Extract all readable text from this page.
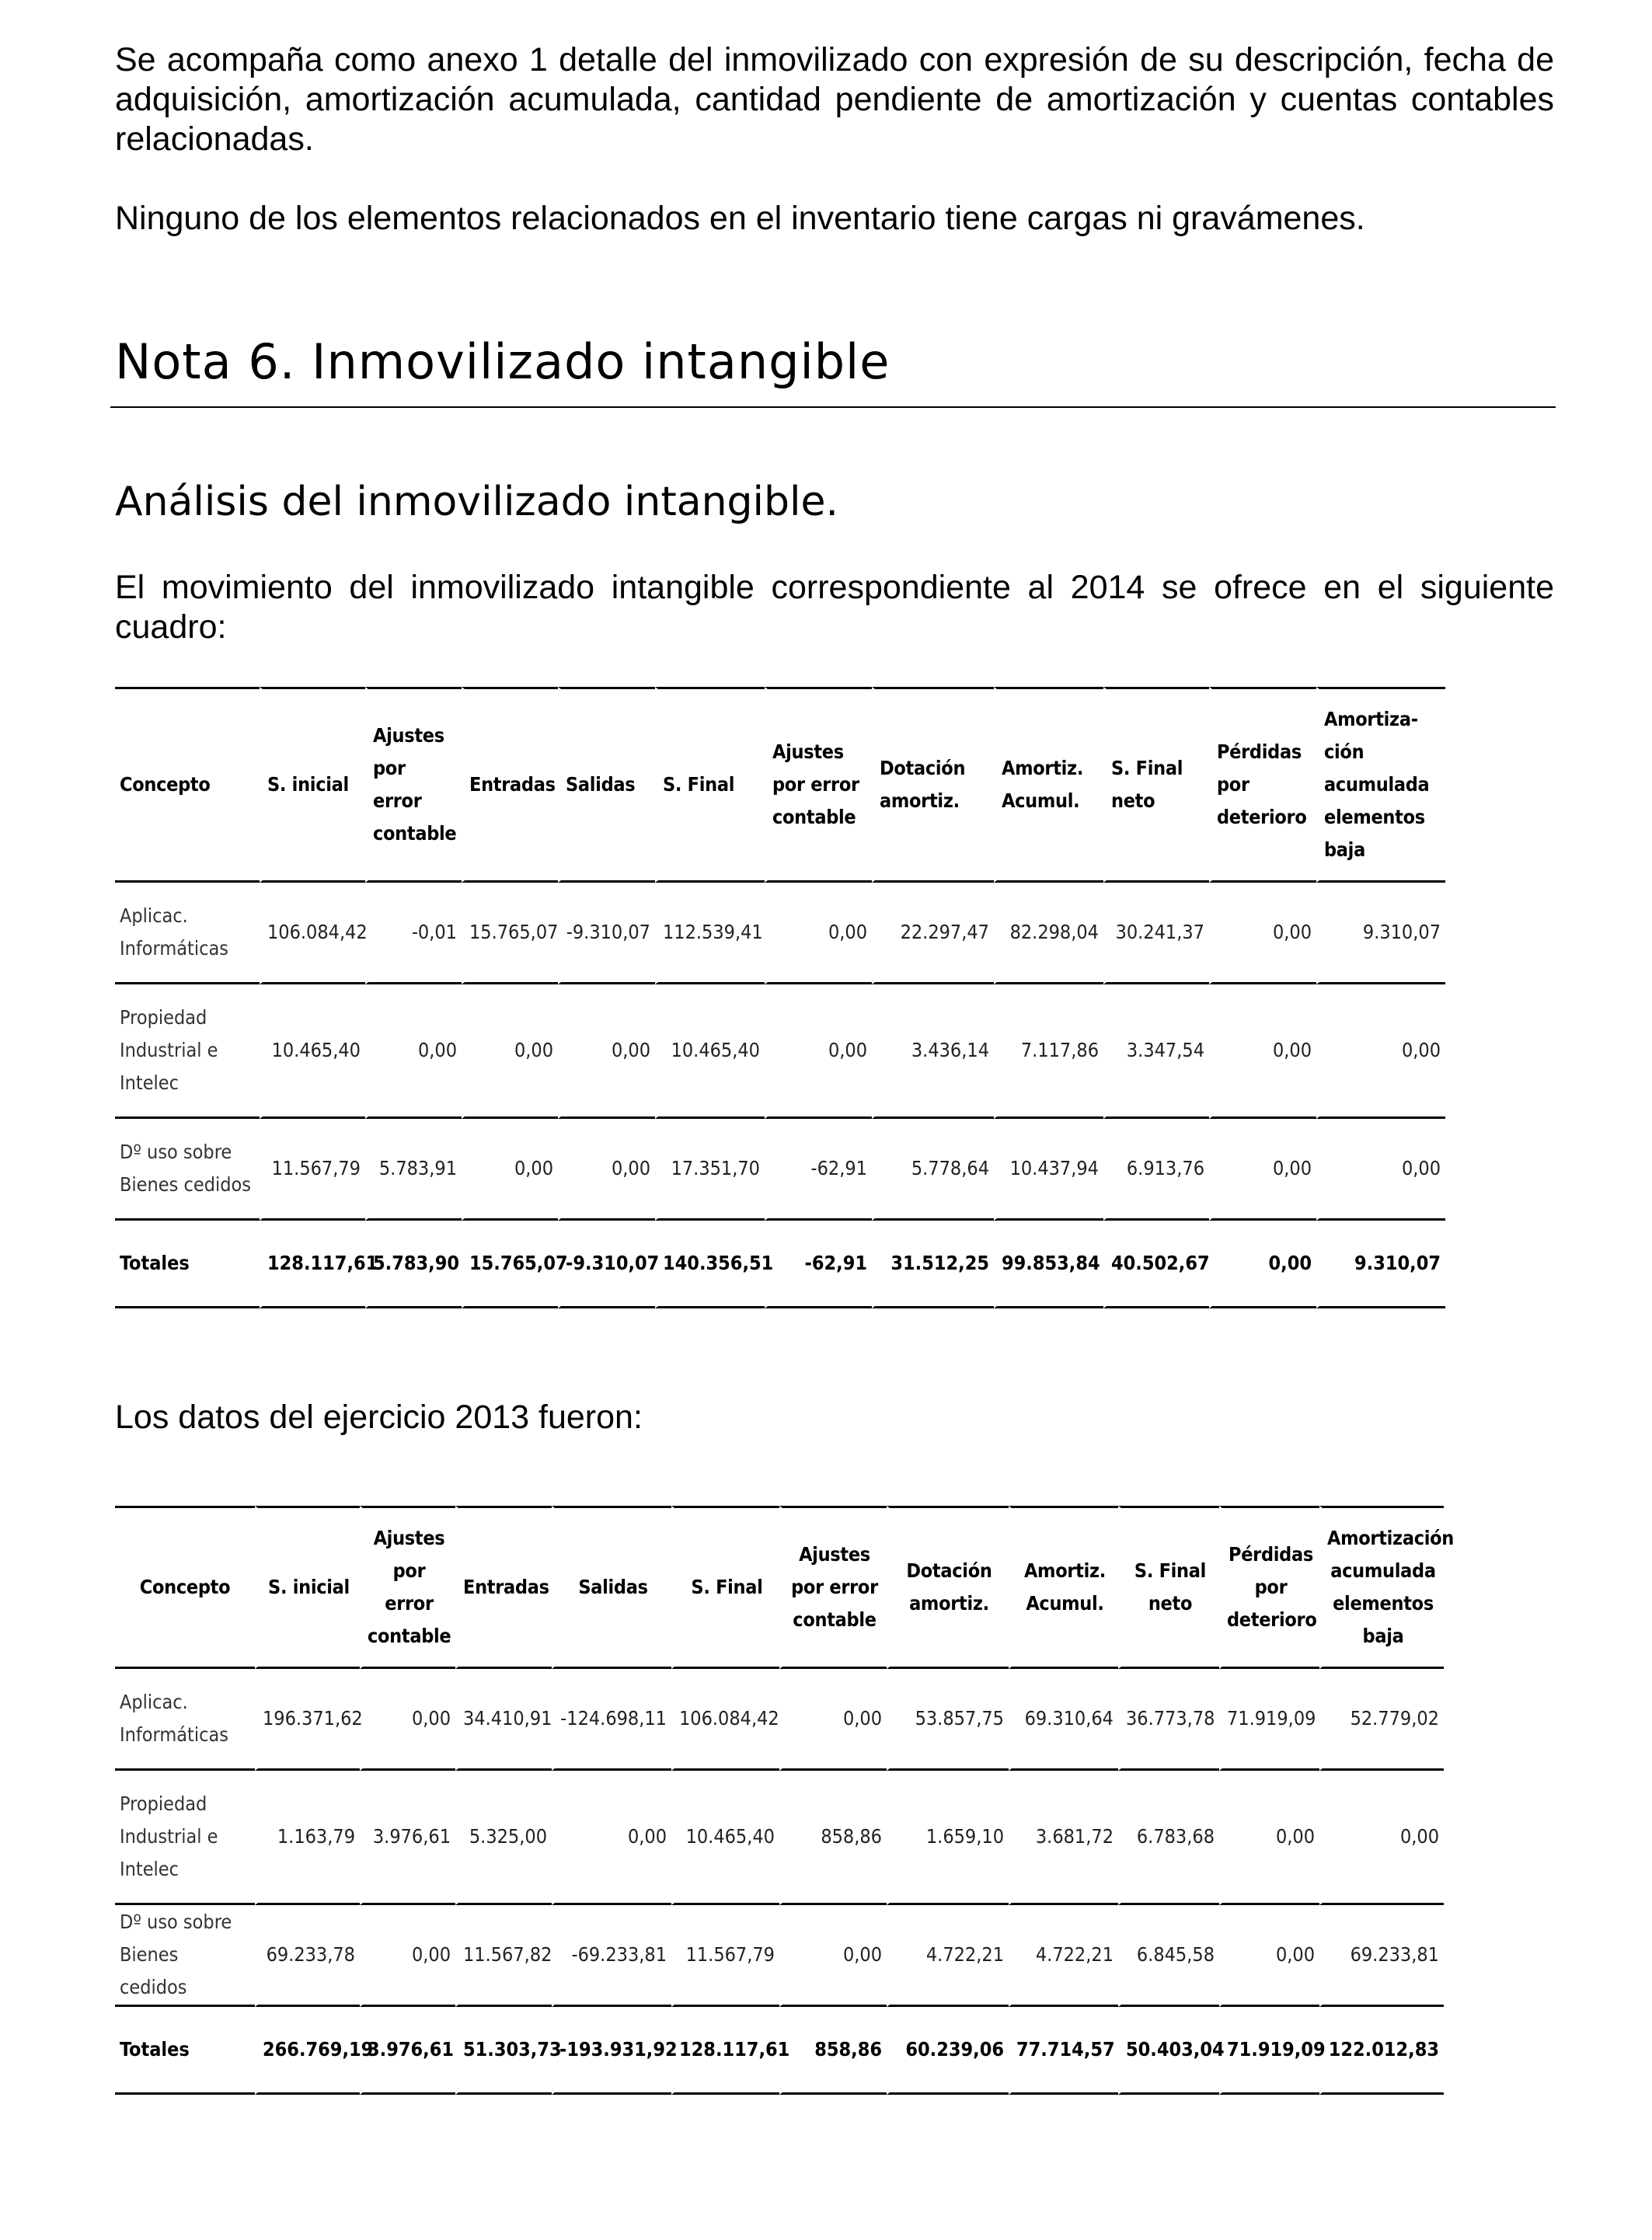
Se acompaña como anexo 1 detalle del inmovilizado con expresión de su descripción, fecha de adquisición, amortización acumulada, cantidad pendiente de amortización y cuentas contables relacionadas.

Ninguno de los elementos relacionados en el inventario tiene cargas ni gravámenes.

Nota 6. Inmovilizado intangible
Análisis del inmovilizado intangible.

El movimiento del inmovilizado intangible correspondiente al 2014 se ofrece en el siguiente cuadro:

Concepto	S. inicial	Ajustes por error contable	Entradas	Salidas	S. Final	Ajustes por error contable	Dotación amortiz.	Amortiz. Acumul.	S. Final neto	Pérdidas por deterioro	Amortiza-ción acumulada elementos baja
Aplicac. Informáticas	106.084,42	-0,01	15.765,07	-9.310,07	112.539,41	0,00	22.297,47	82.298,04	30.241,37	0,00	9.310,07
Propiedad Industrial e Intelec	10.465,40	0,00	0,00	0,00	10.465,40	0,00	3.436,14	7.117,86	3.347,54	0,00	0,00
Dº uso sobre Bienes cedidos	11.567,79	5.783,91	0,00	0,00	17.351,70	-62,91	5.778,64	10.437,94	6.913,76	0,00	0,00
Totales	128.117,61	5.783,90	15.765,07	-9.310,07	140.356,51	-62,91	31.512,25	99.853,84	40.502,67	0,00	9.310,07

Los datos del ejercicio 2013 fueron:

Concepto	S. inicial	Ajustes por error contable	Entradas	Salidas	S. Final	Ajustes por error contable	Dotación amortiz.	Amortiz. Acumul.	S. Final neto	Pérdidas por deterioro	Amortización acumulada elementos baja
Aplicac. Informáticas	196.371,62	0,00	34.410,91	-124.698,11	106.084,42	0,00	53.857,75	69.310,64	36.773,78	71.919,09	52.779,02
Propiedad Industrial e Intelec	1.163,79	3.976,61	5.325,00	0,00	10.465,40	858,86	1.659,10	3.681,72	6.783,68	0,00	0,00
Dº uso sobre Bienes cedidos	69.233,78	0,00	11.567,82	-69.233,81	11.567,79	0,00	4.722,21	4.722,21	6.845,58	0,00	69.233,81
Totales	266.769,19	3.976,61	51.303,73	-193.931,92	128.117,61	858,86	60.239,06	77.714,57	50.403,04	71.919,09	122.012,83
